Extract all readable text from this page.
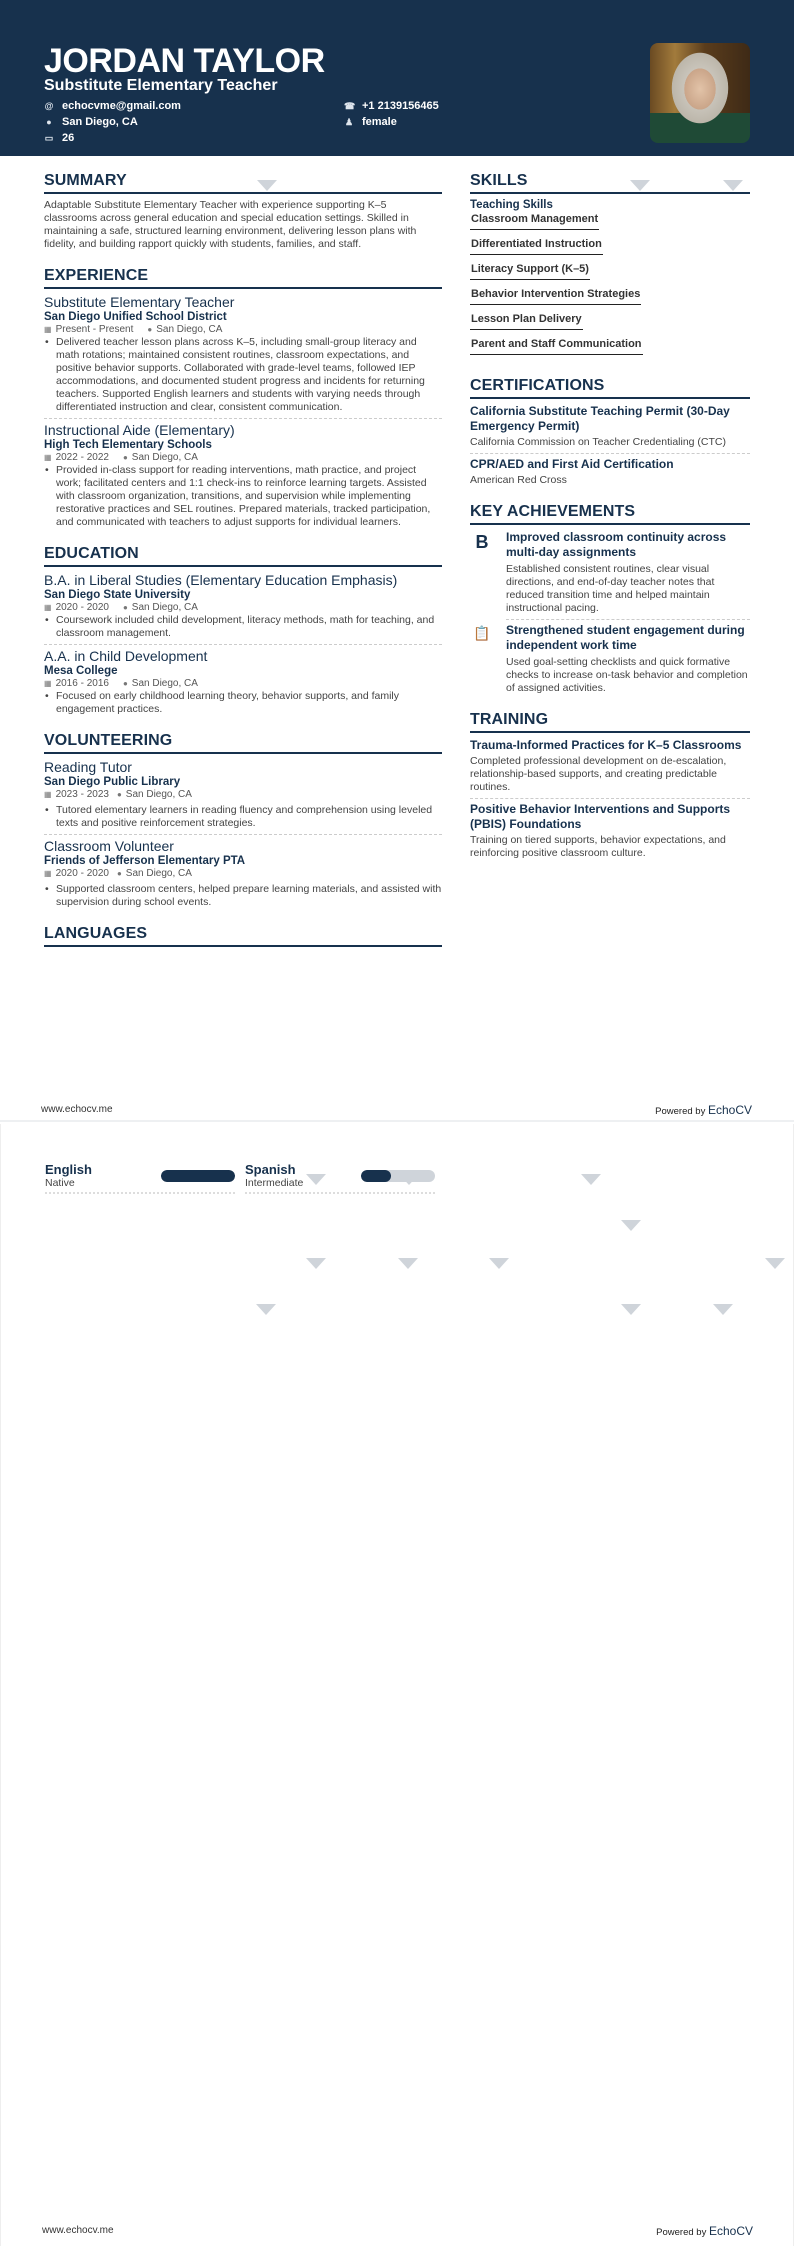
JORDAN TAYLOR
Substitute Elementary Teacher
@ echocvme@gmail.com	☎ +1 2139156465
● San Diego, CA	♟ female
▭ 26
SUMMARY
Adaptable Substitute Elementary Teacher with experience supporting K–5 classrooms across general education and special education settings. Skilled in maintaining a safe, structured learning environment, delivering lesson plans with fidelity, and building rapport quickly with students, families, and staff.
EXPERIENCE
Substitute Elementary Teacher
San Diego Unified School District
▦ Present - Present ● San Diego, CA
• Delivered teacher lesson plans across K–5, including small-group literacy and math rotations; maintained consistent routines, classroom expectations, and positive behavior supports. Collaborated with grade-level teams, followed IEP accommodations, and documented student progress and incidents for returning teachers. Supported English learners and students with varying needs through differentiated instruction and clear, consistent communication.
Instructional Aide (Elementary)
High Tech Elementary Schools
▦ 2022 - 2022 ● San Diego, CA
• Provided in-class support for reading interventions, math practice, and project work; facilitated centers and 1:1 check-ins to reinforce learning targets. Assisted with classroom organization, transitions, and supervision while implementing restorative practices and SEL routines. Prepared materials, tracked participation, and communicated with teachers to adjust supports for individual learners.
EDUCATION
B.A. in Liberal Studies (Elementary Education Emphasis)
San Diego State University
▦ 2020 - 2020 ● San Diego, CA
• Coursework included child development, literacy methods, math for teaching, and classroom management.
A.A. in Child Development
Mesa College
▦ 2016 - 2016 ● San Diego, CA
• Focused on early childhood learning theory, behavior supports, and family engagement practices.
VOLUNTEERING
Reading Tutor
San Diego Public Library
▦ 2023 - 2023 ● San Diego, CA
• Tutored elementary learners in reading fluency and comprehension using leveled texts and positive reinforcement strategies.
Classroom Volunteer
Friends of Jefferson Elementary PTA
▦ 2020 - 2020 ● San Diego, CA
• Supported classroom centers, helped prepare learning materials, and assisted with supervision during school events.
LANGUAGES
SKILLS
Teaching Skills
Classroom Management
Differentiated Instruction
Literacy Support (K–5)
Behavior Intervention Strategies
Lesson Plan Delivery
Parent and Staff Communication
CERTIFICATIONS
California Substitute Teaching Permit (30-Day Emergency Permit)
California Commission on Teacher Credentialing (CTC)
CPR/AED and First Aid Certification
American Red Cross
KEY ACHIEVEMENTS
B	Improved classroom continuity across multi-day assignments
Established consistent routines, clear visual directions, and end-of-day teacher notes that reduced transition time and helped maintain instructional pacing.
📋 Strengthened student engagement during independent work time
Used goal-setting checklists and quick formative checks to increase on-task behavior and completion of assigned activities.
TRAINING
Trauma-Informed Practices for K–5 Classrooms
Completed professional development on de-escalation, relationship-based supports, and creating predictable routines.
Positive Behavior Interventions and Supports (PBIS) Foundations
Training on tiered supports, behavior expectations, and reinforcing positive classroom culture.
www.echocv.me	Powered by EchoCV
English
Native
Spanish
Intermediate
www.echocv.me	Powered by EchoCV
